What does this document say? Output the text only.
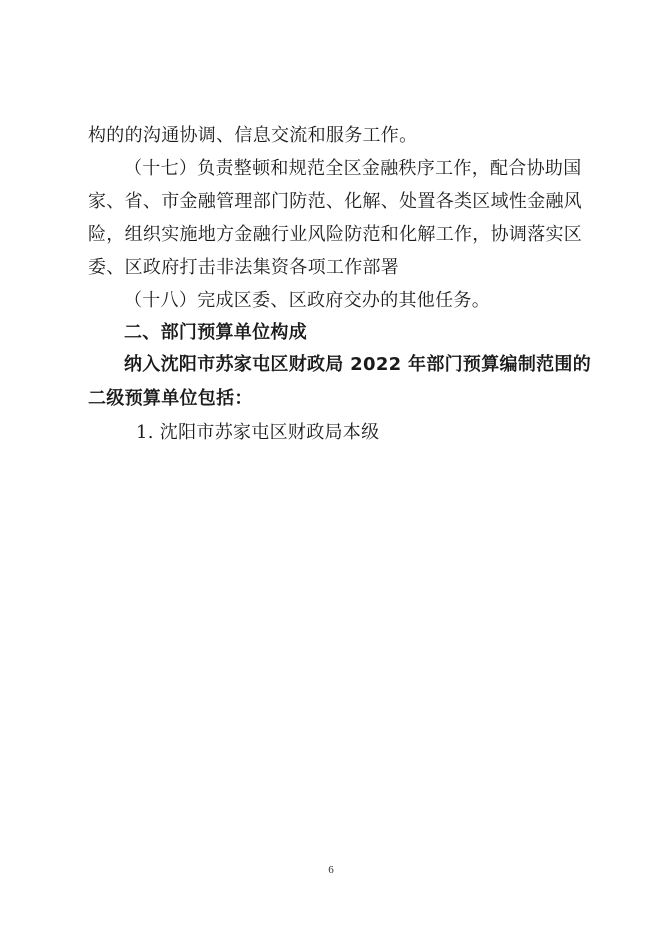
构的的沟通协调、信息交流和服务工作。
（十七）负责整顿和规范全区金融秩序工作，配合协助国
家、省、市金融管理部门防范、化解、处置各类区域性金融风
险，组织实施地方金融行业风险防范和化解工作，协调落实区
委、区政府打击非法集资各项工作部署
（十八）完成区委、区政府交办的其他任务。
二、部门预算单位构成
纳入沈阳市苏家屯区财政局 2022 年部门预算编制范围的
二级预算单位包括：
1. 沈阳市苏家屯区财政局本级
6
